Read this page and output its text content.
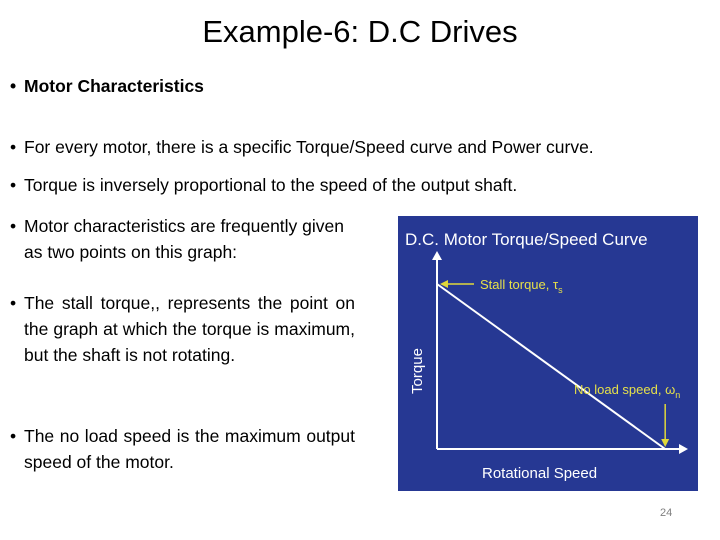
Example-6: D.C Drives
• Motor Characteristics
• For every motor, there is a specific Torque/Speed curve and Power curve.
• Torque is inversely proportional to the speed of the output shaft.
• Motor characteristics are frequently given as two points on this graph:
• The stall torque,, represents the point on the graph at which the torque is maximum, but the shaft is not rotating.
• The no load speed is the maximum output speed of the motor.
D.C. Motor Torque/Speed Curve
Stall torque, $\tau_s$
No load speed, $\omega_n$
Rotational Speed
Torque
24
